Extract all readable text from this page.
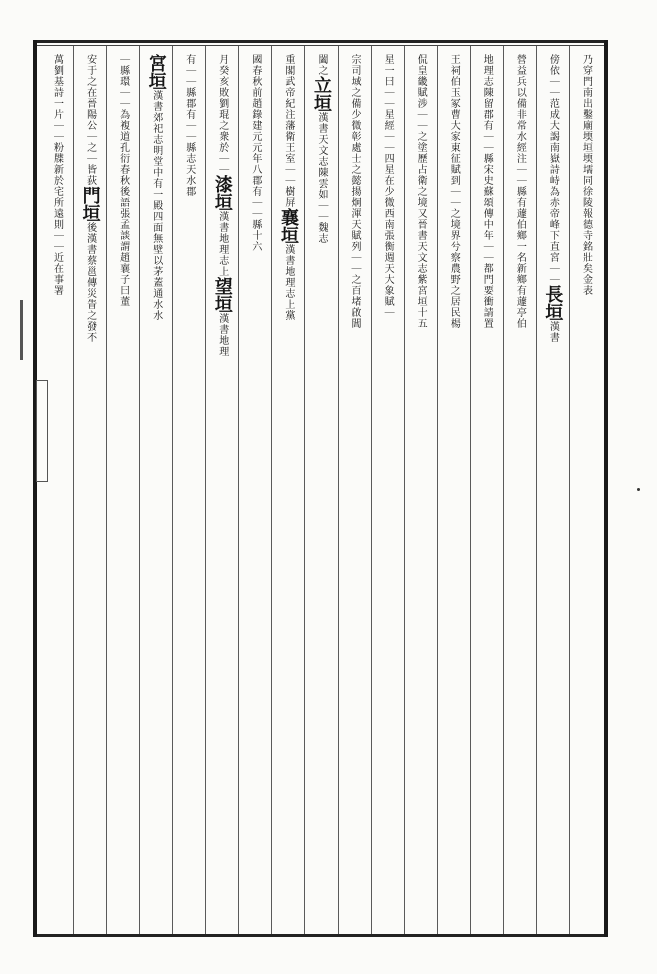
乃穿門南出鑿廟堧垣堧壖同徐陵報德寺銘壯矣金表
傍依｜｜范成大謁南嶽詩峙為赤帝峰下直宮｜｜
長垣
漢書
營益兵以備非常水經注｜｜縣有蘧伯鄉一名新鄉有蘧亭伯
地理志陳留郡有｜｜縣宋史蘇頌傳中年｜｜都門要衝請置
王祠伯玉冢曹大家東征賦到｜｜之境界兮察農野之居民楊
侃皇畿賦涉｜｜之塗歷占衛之境又晉書天文志紫宮垣十五
星一曰｜｜星經｜｜四星在少微西南張衡週天大象賦｜
宗司域之備少微彰處士之懿揚炯渾天賦列｜｜之百堵啟閶
闔之
立垣
漢書天文志陳雲如｜｜魏志
重閣
武帝紀注藩衛王室｜｜樹屏
襄垣
漢書地理志上黨
國春秋前趙錄建元元年八
郡有｜｜縣十六
月癸亥敗劉琨之衆於｜｜
漆垣
漢書地理志上
望垣
漢書地理
有｜｜縣
郡有｜｜縣
志天水郡
宮垣
漢書郊祀志明堂中有一殿四面無壁以茅蓋通水水
｜縣
環｜｜為複道孔衍春秋後語張孟談謂趙襄子曰董
安于之在晉陽公｜之｜皆荻
門垣
後漢書蔡邕傳災眚之發不
萬劉基詩一片｜｜粉牒新
於宅所遠則｜｜近在事署
